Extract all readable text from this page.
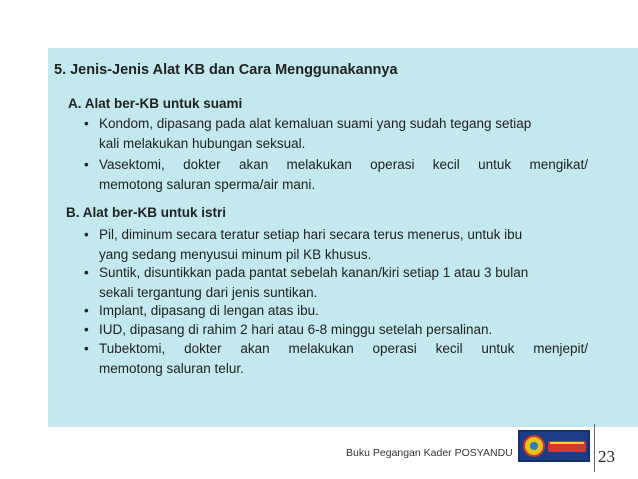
5. Jenis-Jenis Alat KB dan Cara Menggunakannya
A. Alat ber-KB untuk suami
• Kondom, dipasang pada alat kemaluan suami yang sudah tegang setiap
kali melakukan hubungan seksual.
• Vasektomi, dokter akan melakukan operasi kecil untuk mengikat/
memotong saluran sperma/air mani.
B. Alat ber-KB untuk istri
• Pil, diminum secara teratur setiap hari secara terus menerus, untuk ibu
yang sedang menyusui minum pil KB khusus.
• Suntik, disuntikkan pada pantat sebelah kanan/kiri setiap 1 atau 3 bulan
sekali tergantung dari jenis suntikan.
• Implant, dipasang di lengan atas ibu.
• IUD, dipasang di rahim 2 hari atau 6-8 minggu setelah persalinan.
• Tubektomi, dokter akan melakukan operasi kecil untuk menjepit/
memotong saluran telur.
Buku Pegangan Kader POSYANDU	23
